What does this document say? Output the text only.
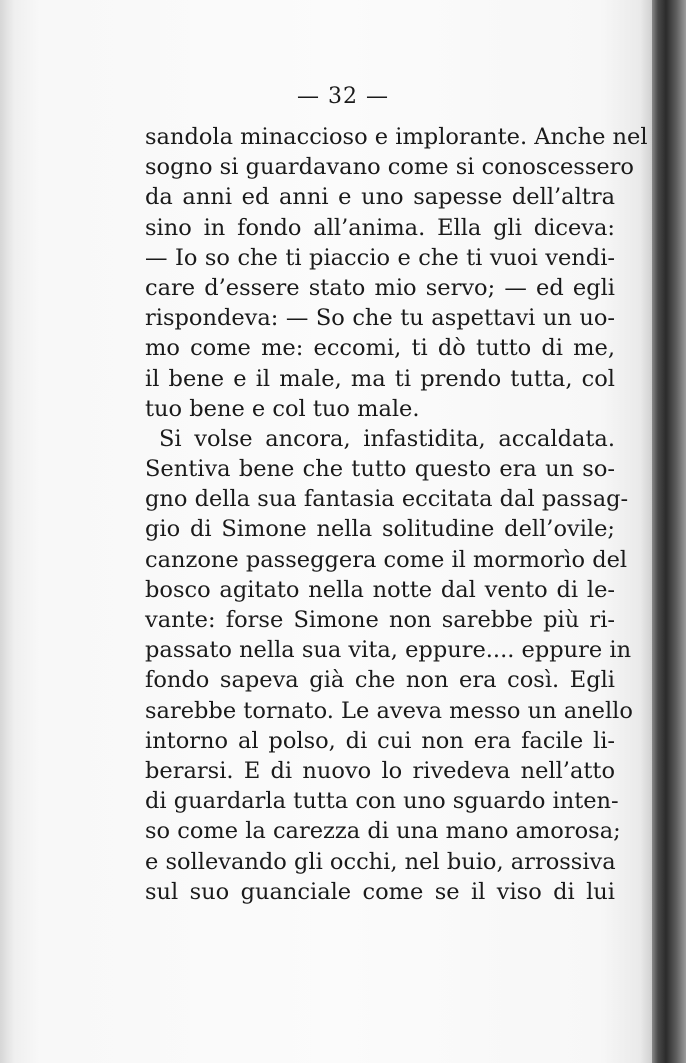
— 32 —
sandola minaccioso e implorante. Anche nel
sogno si guardavano come si conoscessero
da anni ed anni e uno sapesse dell’altra
sino in fondo all’anima. Ella gli diceva:
— Io so che ti piaccio e che ti vuoi vendi-
care d’essere stato mio servo; — ed egli
rispondeva: — So che tu aspettavi un uo-
mo come me: eccomi, ti dò tutto di me,
il bene e il male, ma ti prendo tutta, col
tuo bene e col tuo male.
Si volse ancora, infastidita, accaldata.
Sentiva bene che tutto questo era un so-
gno della sua fantasia eccitata dal passag-
gio di Simone nella solitudine dell’ovile;
canzone passeggera come il mormorìo del
bosco agitato nella notte dal vento di le-
vante: forse Simone non sarebbe più ri-
passato nella sua vita, eppure.... eppure in
fondo sapeva già che non era così. Egli
sarebbe tornato. Le aveva messo un anello
intorno al polso, di cui non era facile li-
berarsi. E di nuovo lo rivedeva nell’atto
di guardarla tutta con uno sguardo inten-
so come la carezza di una mano amorosa;
e sollevando gli occhi, nel buio, arrossiva
sul suo guanciale come se il viso di lui
